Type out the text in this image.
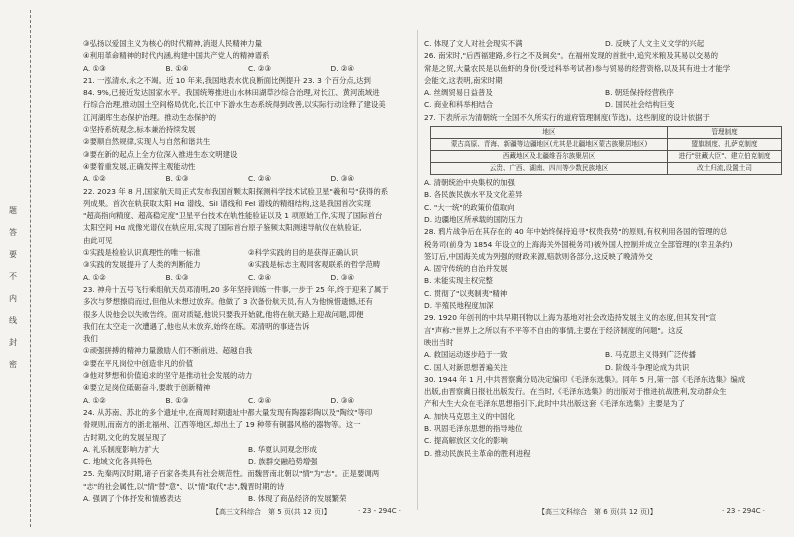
题
答
要
不
内
线
封
密

③弘扬以爱国主义为核心的时代精神,消退人民精神力量

④利用革命精神的时代内涵,构建中国共产党人的精神谱系

A. ①③	B. ①④	C. ②③	D. ②④

21. 一泓清水,永之不竭。近 10 年来,我国地表水优良断面比例提升 23. 3 个百分点,达到

84. 9%,已接近发达国家水平。我国统筹推进山水林田湖草沙综合治理,对长江、黄河流域进

行综合治理,推动国土空间格局优化,长江中下游水生态系统得到改善,以实际行动诠释了建设美

江河湖库生态保护治理。推动生态保护的

①坚持系统观念,标本兼治持续发展

②要顺自然规律,实现人与自然和谐共生

③要在新的起点上全方位深入推进生态文明建设

④要着重发展,正确发挥主观能动性

A. ①②	B. ①③	C. ②④	D. ③④

22. 2023 年 8 月,国家航天局正式发布我国首颗太阳探测科学技术试验卫星"羲和号"获得的系

列成果。首次在轨获取太阳 Hα 谱线、SiⅠ 谱线和 FeⅠ 谱线的精细结构,这是我国首次实现

"超高指向精度、超高稳定度"卫星平台技术在轨性能验证以及 1 项原始工作,实现了国际首台

太阳空间 Hα 成像光谱仪在轨应用,实现了国际首台原子鉴频太阳测速导航仪在轨验证,

由此可见

①实践是检验认识真理性的唯一标准	②科学实践的目的是获得正确认识
③实践的发展提升了人类的判断能力	④实践是标志主观同客观联系的哲学范畴
A. ①②	B. ①③	C. ②④	D. ③④

23. 神舟十五号飞行乘组航天员邓清明,20 多年坚持训练一件事,一步于 25 年,终于迎来了属于

多次与梦想擦肩而过,但他从未想过放弃。他做了 3 次备份航天员,有人为他惋惜遗憾,还有

很多人说他会以失败告终。面对质疑,他说只要我开始就,他将在航天路上迎战问题,即便

我们在太空走一次遭遇了,他也从未放弃,始终在练。邓清明的事迹告诉

我们

①顽强拼搏的精神力量激励人们不断前进、超越自我

②要在平凡岗位中创造非凡的价值

③他对梦想和价值追求的坚守是推动社会发展的动力

④要立足岗位砥砺奋斗,要敢于创新精神

A. ①②	B. ①③	C. ②④	D. ③④

24. 从苏南、苏北的多个遗址中,在商周时期遗址中都大量发现有陶器彩陶以及"陶纹"等印

骨规则,而南方的浙北福州、江西等地区,却出土了 19 种带有铜器风格的器物等。这一

古时期,文化的发展呈现了

A. 礼乐制度影响力扩大	B. 华夏认同观念形成
C. 地域文化各具特色	D. 族群交融趋势增强

25. 先秦两汉时期,诸子百家各类具有社会规范性。而魏晋南北朝以"情"为"志"。正是要调两

"志"的社会属性,以"情"替"意"、以"情"取代"志",魏晋时期的诗

A. 强调了个体抒发和情感表达	B. 体现了商品经济的发展繁荣
C. 体现了文人对社会现实不满	D. 反映了人文主义文学的兴起

26. 南宋时,"后西福建路,乡行之不及闽矣"。在福州发现的首批中,追究米粮及其易以交易的

常是之贸,大量农民是以鱼虾的身份(受过科举考试者)参与贸易的经营资格,以及其有进士才能学

会能文,这表明,南宋时期

A. 丝绸贸易日益普及	B. 朝廷保持经营秩序
C. 商业和科举相结合	D. 国民社会结构巨变

27. 下表所示为清朝统一全国不久所实行的道府管理制度(节选)。这些制度的设计依据于

地区	管理制度
蒙古高原、青海、新疆等边疆地区(尤其是北疆地区蒙古族聚居地区)	盟旗制度、扎萨克制度
西藏地区及北疆维吾尔族聚居区	进行"驻藏大臣"、建立伯克制度
云贵、广西、湖南、四川等少数民族地区	改土归流,设置土司

A. 清朝统治中央集权的加强

B. 各民族民族水平及文化差异

C. "大一统"的政策价值取向

D. 边疆地区所承载的国防压力

28. 鸦片战争后在其存在的 40 年中始终保持追寻"权贵我势"的原则,有权利用各国的管理的总

税务司(前身为 1854 年设立的上海海关外国税务司)被外国人控制并成立全部管理的(幸丑条约)

签订后,中国海关成为列强的财政来源,赔款则各部分,这反映了晚清外交

A. 固守传统的自治并发展

B. 未能实现主权完整

C. 贯彻了"以夷制夷"精神

D. 半殖民地程度加深

29. 1920 年创刊的中共早期刊物以上海为基地对社会改造持发展主义的态度,但其发刊"宣

言"声称:"世界上之所以有不平等不自由的事情,主要在于经济制度的问题"。这反

映出当时

A. 救国运动逐步趋于一致	B. 马克思主义得到广泛传播
C. 国人对新思想普遍关注	D. 阶级斗争理论成为共识

30. 1944 年 1 月,中共晋察冀分局决定编印《毛泽东选集》。同年 5 月,第一部《毛泽东选集》编成

出版,由晋察冀日报社出版发行。在当时,《毛泽东选集》的出版对于推进抗战胜利,发动群众生

产和大生大众在毛泽东思想指引下,此时中共出版这套《毛泽东选集》主要是为了

A. 加快马克思主义的中国化

B. 巩固毛泽东思想的指导地位

C. 提高解放区文化的影响

D. 推动民族民主革命的胜利进程

【高三文科综合　第 5 页(共 12 页)】	· 23 - 294C ·	【高三文科综合　第 6 页(共 12 页)】	· 23 - 294C ·
